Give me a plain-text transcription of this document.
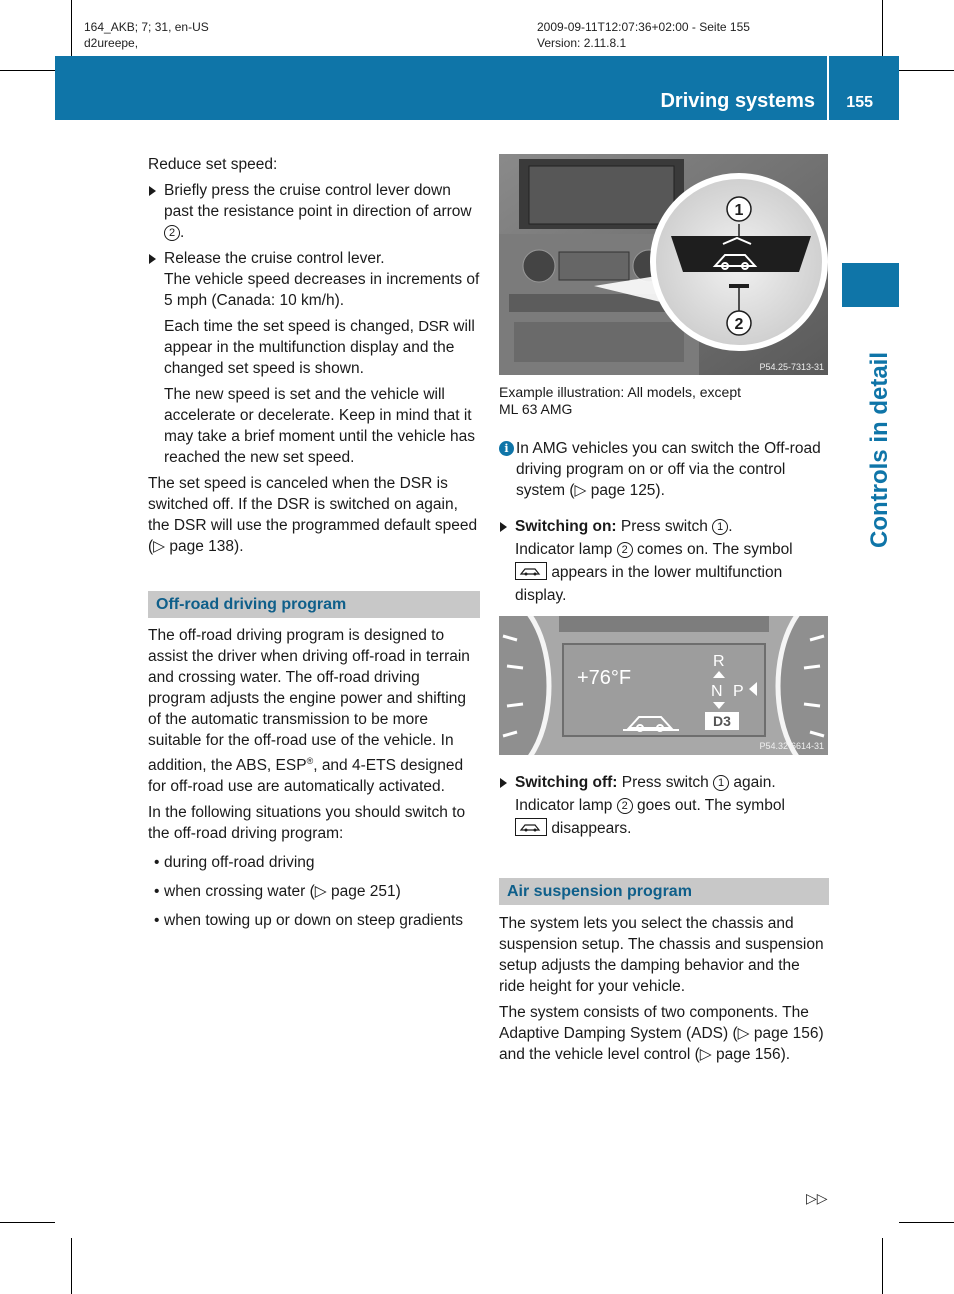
164_AKB; 7; 31, en-US
d2ureepe,
2009-09-11T12:07:36+02:00 - Seite 155
Version: 2.11.8.1
Driving systems 155
Controls in detail

Reduce set speed:

Briefly press the cruise control lever down past the resistance point in direction of arrow 2 .
Release the cruise control lever.
The vehicle speed decreases in increments of 5 mph (Canada: 10 km/h).
Each time the set speed is changed, DSR will appear in the multifunction display and the changed set speed is shown.
The new speed is set and the vehicle will accelerate or decelerate. Keep in mind that it may take a brief moment until the vehicle has reached the new set speed.

The set speed is canceled when the DSR is switched off. If the DSR is switched on again, the DSR will use the programmed default speed (▷ page 138).

Off-road driving program

The off-road driving program is designed to assist the driver when driving off-road in terrain and crossing water. The off-road driving program adjusts the engine power and shifting of the automatic transmission to be more suitable for the off-road use of the vehicle. In addition, the ABS, ESP®, and 4-ETS designed for off-road use are automatically activated.

In the following situations you should switch to the off-road driving program:

• during off-road driving
• when crossing water (▷ page 251)
• when towing up or down on steep gradients
1
2
P54.25-7313-31
Example illustration: All models, except
ML 63 AMG
i In AMG vehicles you can switch the Off-road driving program on or off via the control system (▷ page 125).
Switching on: Press switch 1 .
Indicator lamp 2 comes on. The symbol

appears in the lower multifunction display.
+76°F
R
N P
D3
P54.32-6614-31
Switching off: Press switch 1 again.
Indicator lamp 2 goes out. The symbol

disappears.
Air suspension program

The system lets you select the chassis and suspension setup. The chassis and suspension setup adjusts the damping behavior and the ride height for your vehicle.

The system consists of two components. The Adaptive Damping System (ADS) (▷ page 156) and the vehicle level control (▷ page 156).

▷▷
